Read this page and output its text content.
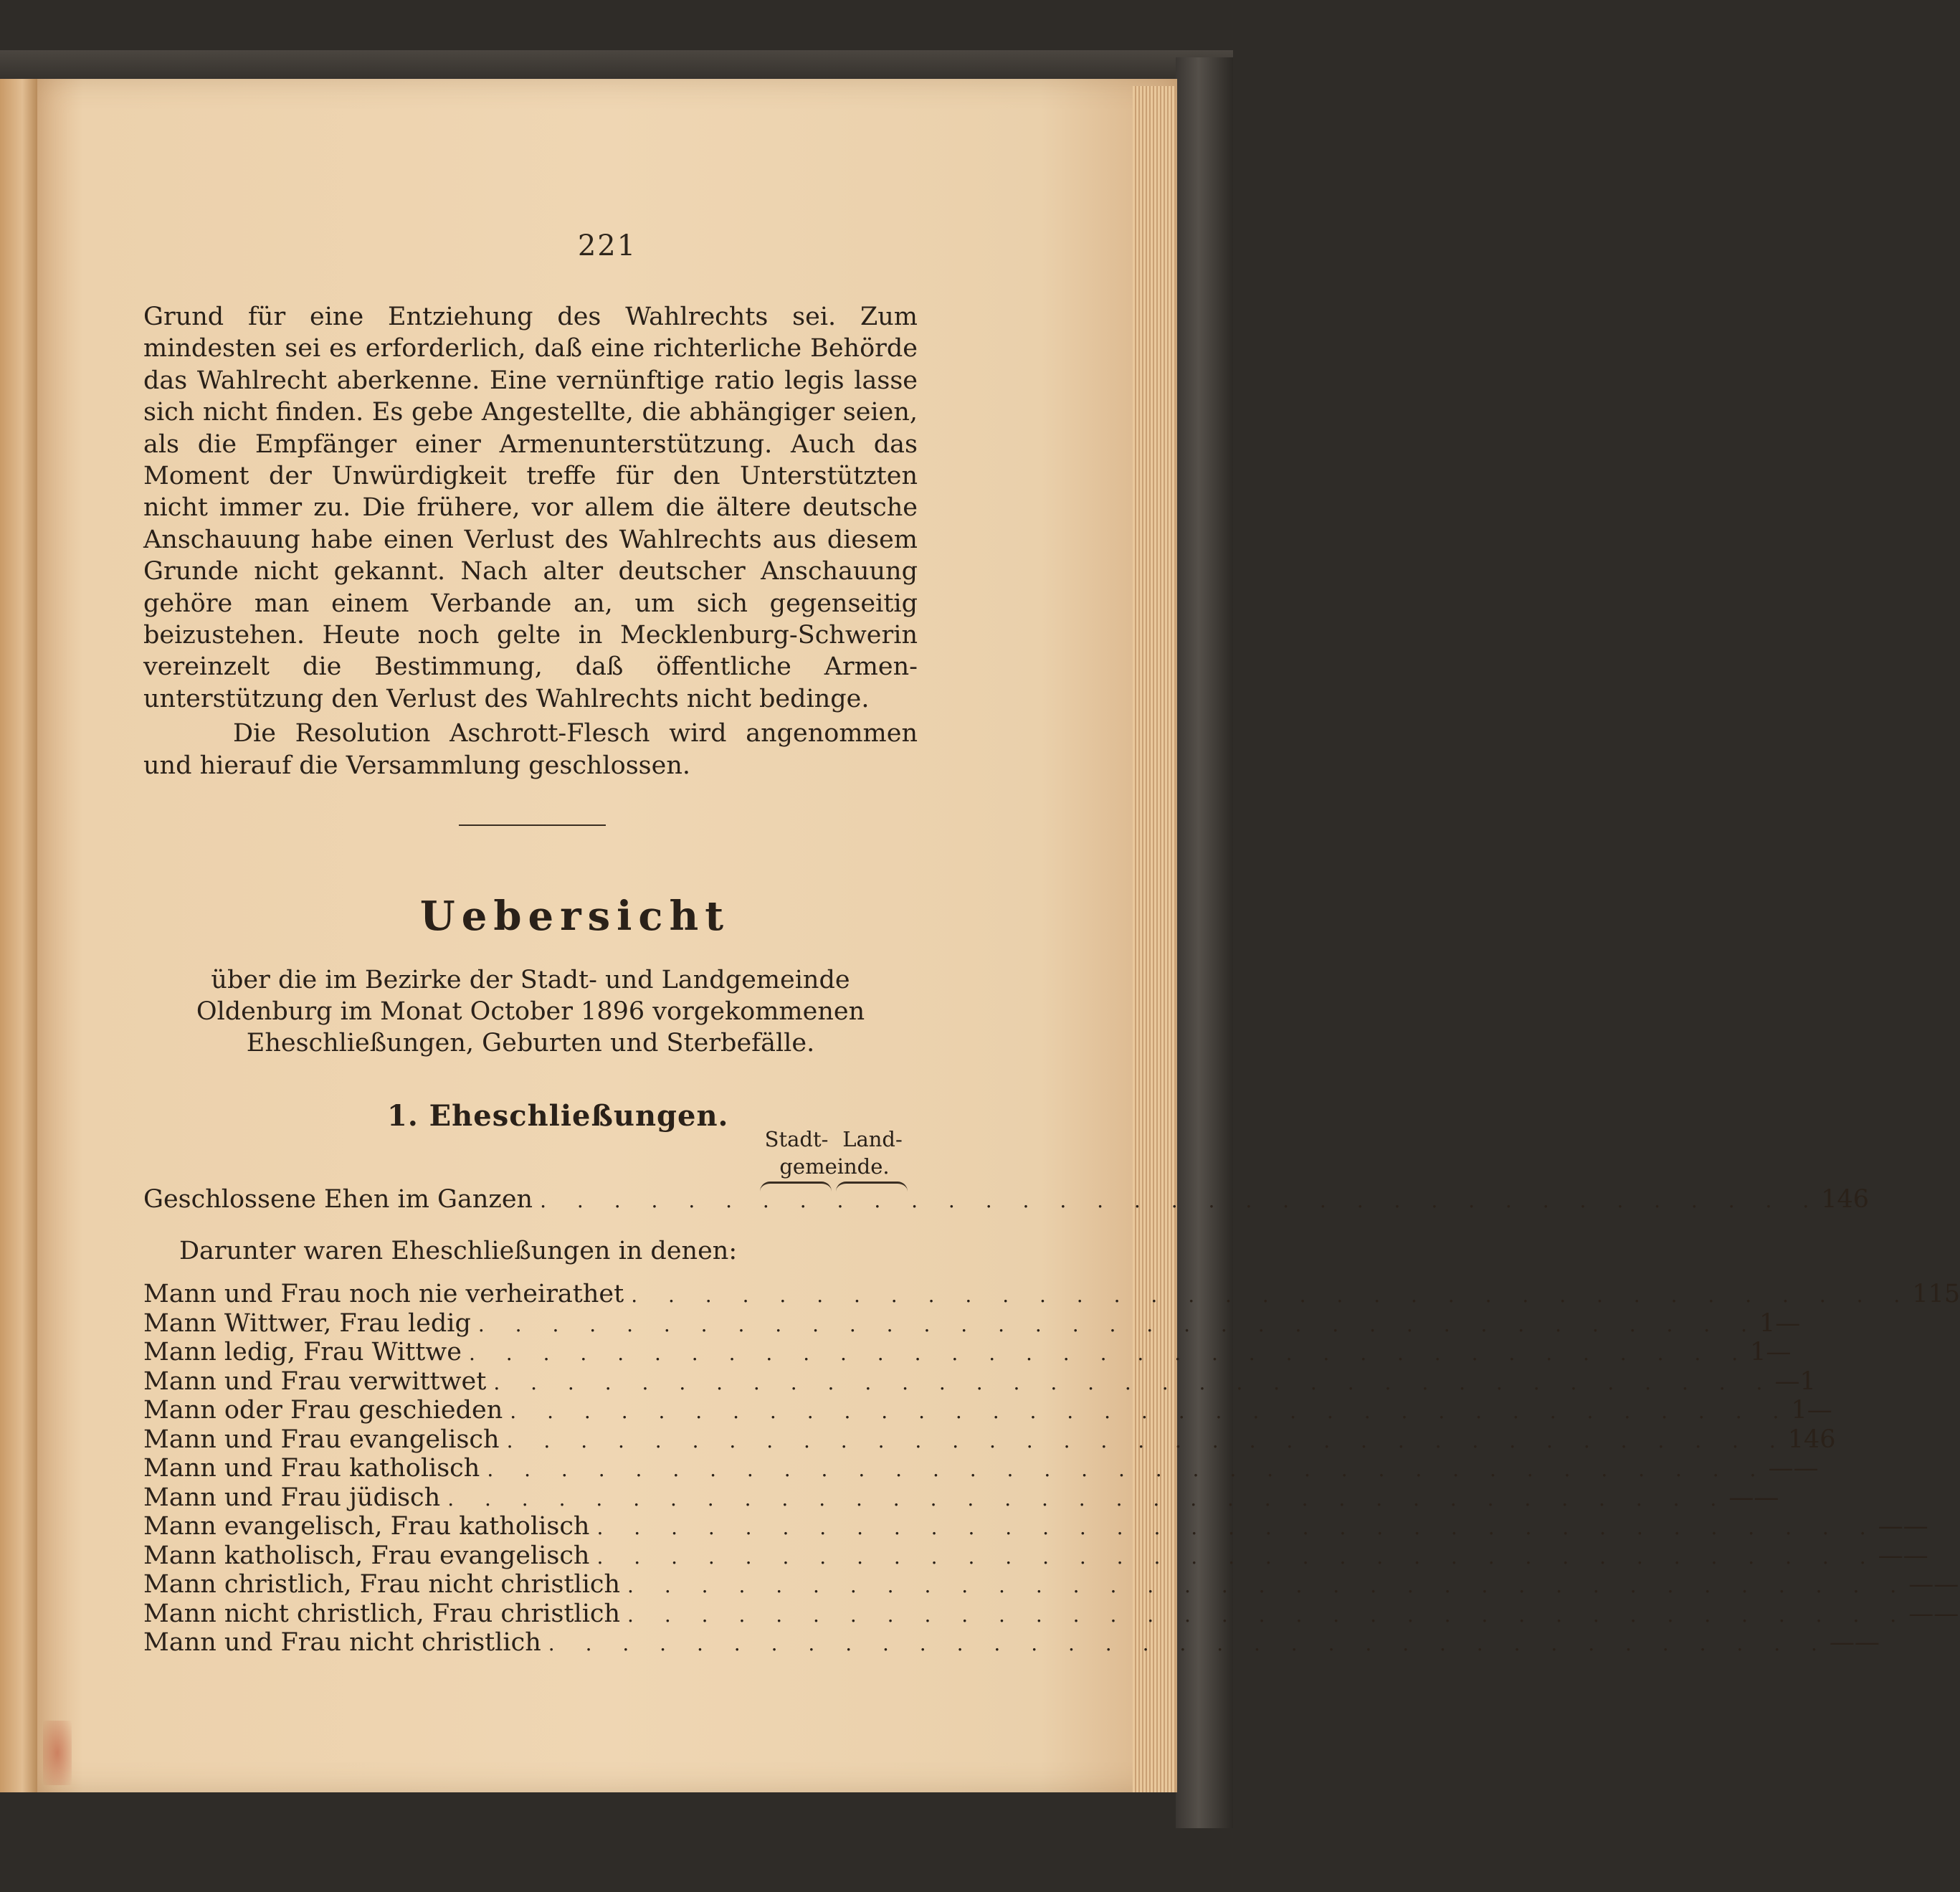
221

Grund für eine Entziehung des Wahlrechts sei. Zum mindesten sei es erforderlich, daß eine richterliche Behörde das Wahlrecht aberkenne. Eine vernünftige ratio legis lasse sich nicht finden. Es gebe Angestellte, die abhängiger seien, als die Empfänger einer Armenunterstützung. Auch das Moment der Unwürdigkeit treffe für den Unterstützten nicht immer zu. Die frühere, vor allem die ältere deutsche Anschauung habe einen Verlust des Wahlrechts aus diesem Grunde nicht gekannt. Nach alter deutscher Anschauung gehöre man einem Verbande an, um sich gegenseitig beizustehen. Heute noch gelte in Mecklenburg-Schwerin vereinzelt die Bestimmung, daß öffentliche Armen-unterstützung den Verlust des Wahlrechts nicht bedinge.

Die Resolution Aschrott-Flesch wird angenommen und hierauf die Versammlung geschlossen.

Uebersicht
über die im Bezirke der Stadt- und Landgemeinde Oldenburg im Monat October 1896 vorgekommenen Eheschließungen, Geburten und Sterbefälle.
1. Eheschließungen.
Stadt- Land-
gemeinde.
Geschlossene Ehen im Ganzen . . . . . . . . . . . . . . . . . . . . . . . . . . . . . . . . . . . 14 6
Darunter waren Eheschließungen in denen:
Mann und Frau noch nie verheirathet . . . . . . . . . . . . . . . . . . . . . . . . . . . . . . . . . . . 11 5
Mann Wittwer, Frau ledig . . . . . . . . . . . . . . . . . . . . . . . . . . . . . . . . . . . 1 —
Mann ledig, Frau Wittwe . . . . . . . . . . . . . . . . . . . . . . . . . . . . . . . . . . . 1 —
Mann und Frau verwittwet . . . . . . . . . . . . . . . . . . . . . . . . . . . . . . . . . . . — 1
Mann oder Frau geschieden . . . . . . . . . . . . . . . . . . . . . . . . . . . . . . . . . . . 1 —
Mann und Frau evangelisch . . . . . . . . . . . . . . . . . . . . . . . . . . . . . . . . . . . 14 6
Mann und Frau katholisch . . . . . . . . . . . . . . . . . . . . . . . . . . . . . . . . . . . — —
Mann und Frau jüdisch . . . . . . . . . . . . . . . . . . . . . . . . . . . . . . . . . . . — —
Mann evangelisch, Frau katholisch . . . . . . . . . . . . . . . . . . . . . . . . . . . . . . . . . . . — —
Mann katholisch, Frau evangelisch . . . . . . . . . . . . . . . . . . . . . . . . . . . . . . . . . . . — —
Mann christlich, Frau nicht christlich . . . . . . . . . . . . . . . . . . . . . . . . . . . . . . . . . . . — —
Mann nicht christlich, Frau christlich . . . . . . . . . . . . . . . . . . . . . . . . . . . . . . . . . . . — —
Mann und Frau nicht christlich . . . . . . . . . . . . . . . . . . . . . . . . . . . . . . . . . . . — —
